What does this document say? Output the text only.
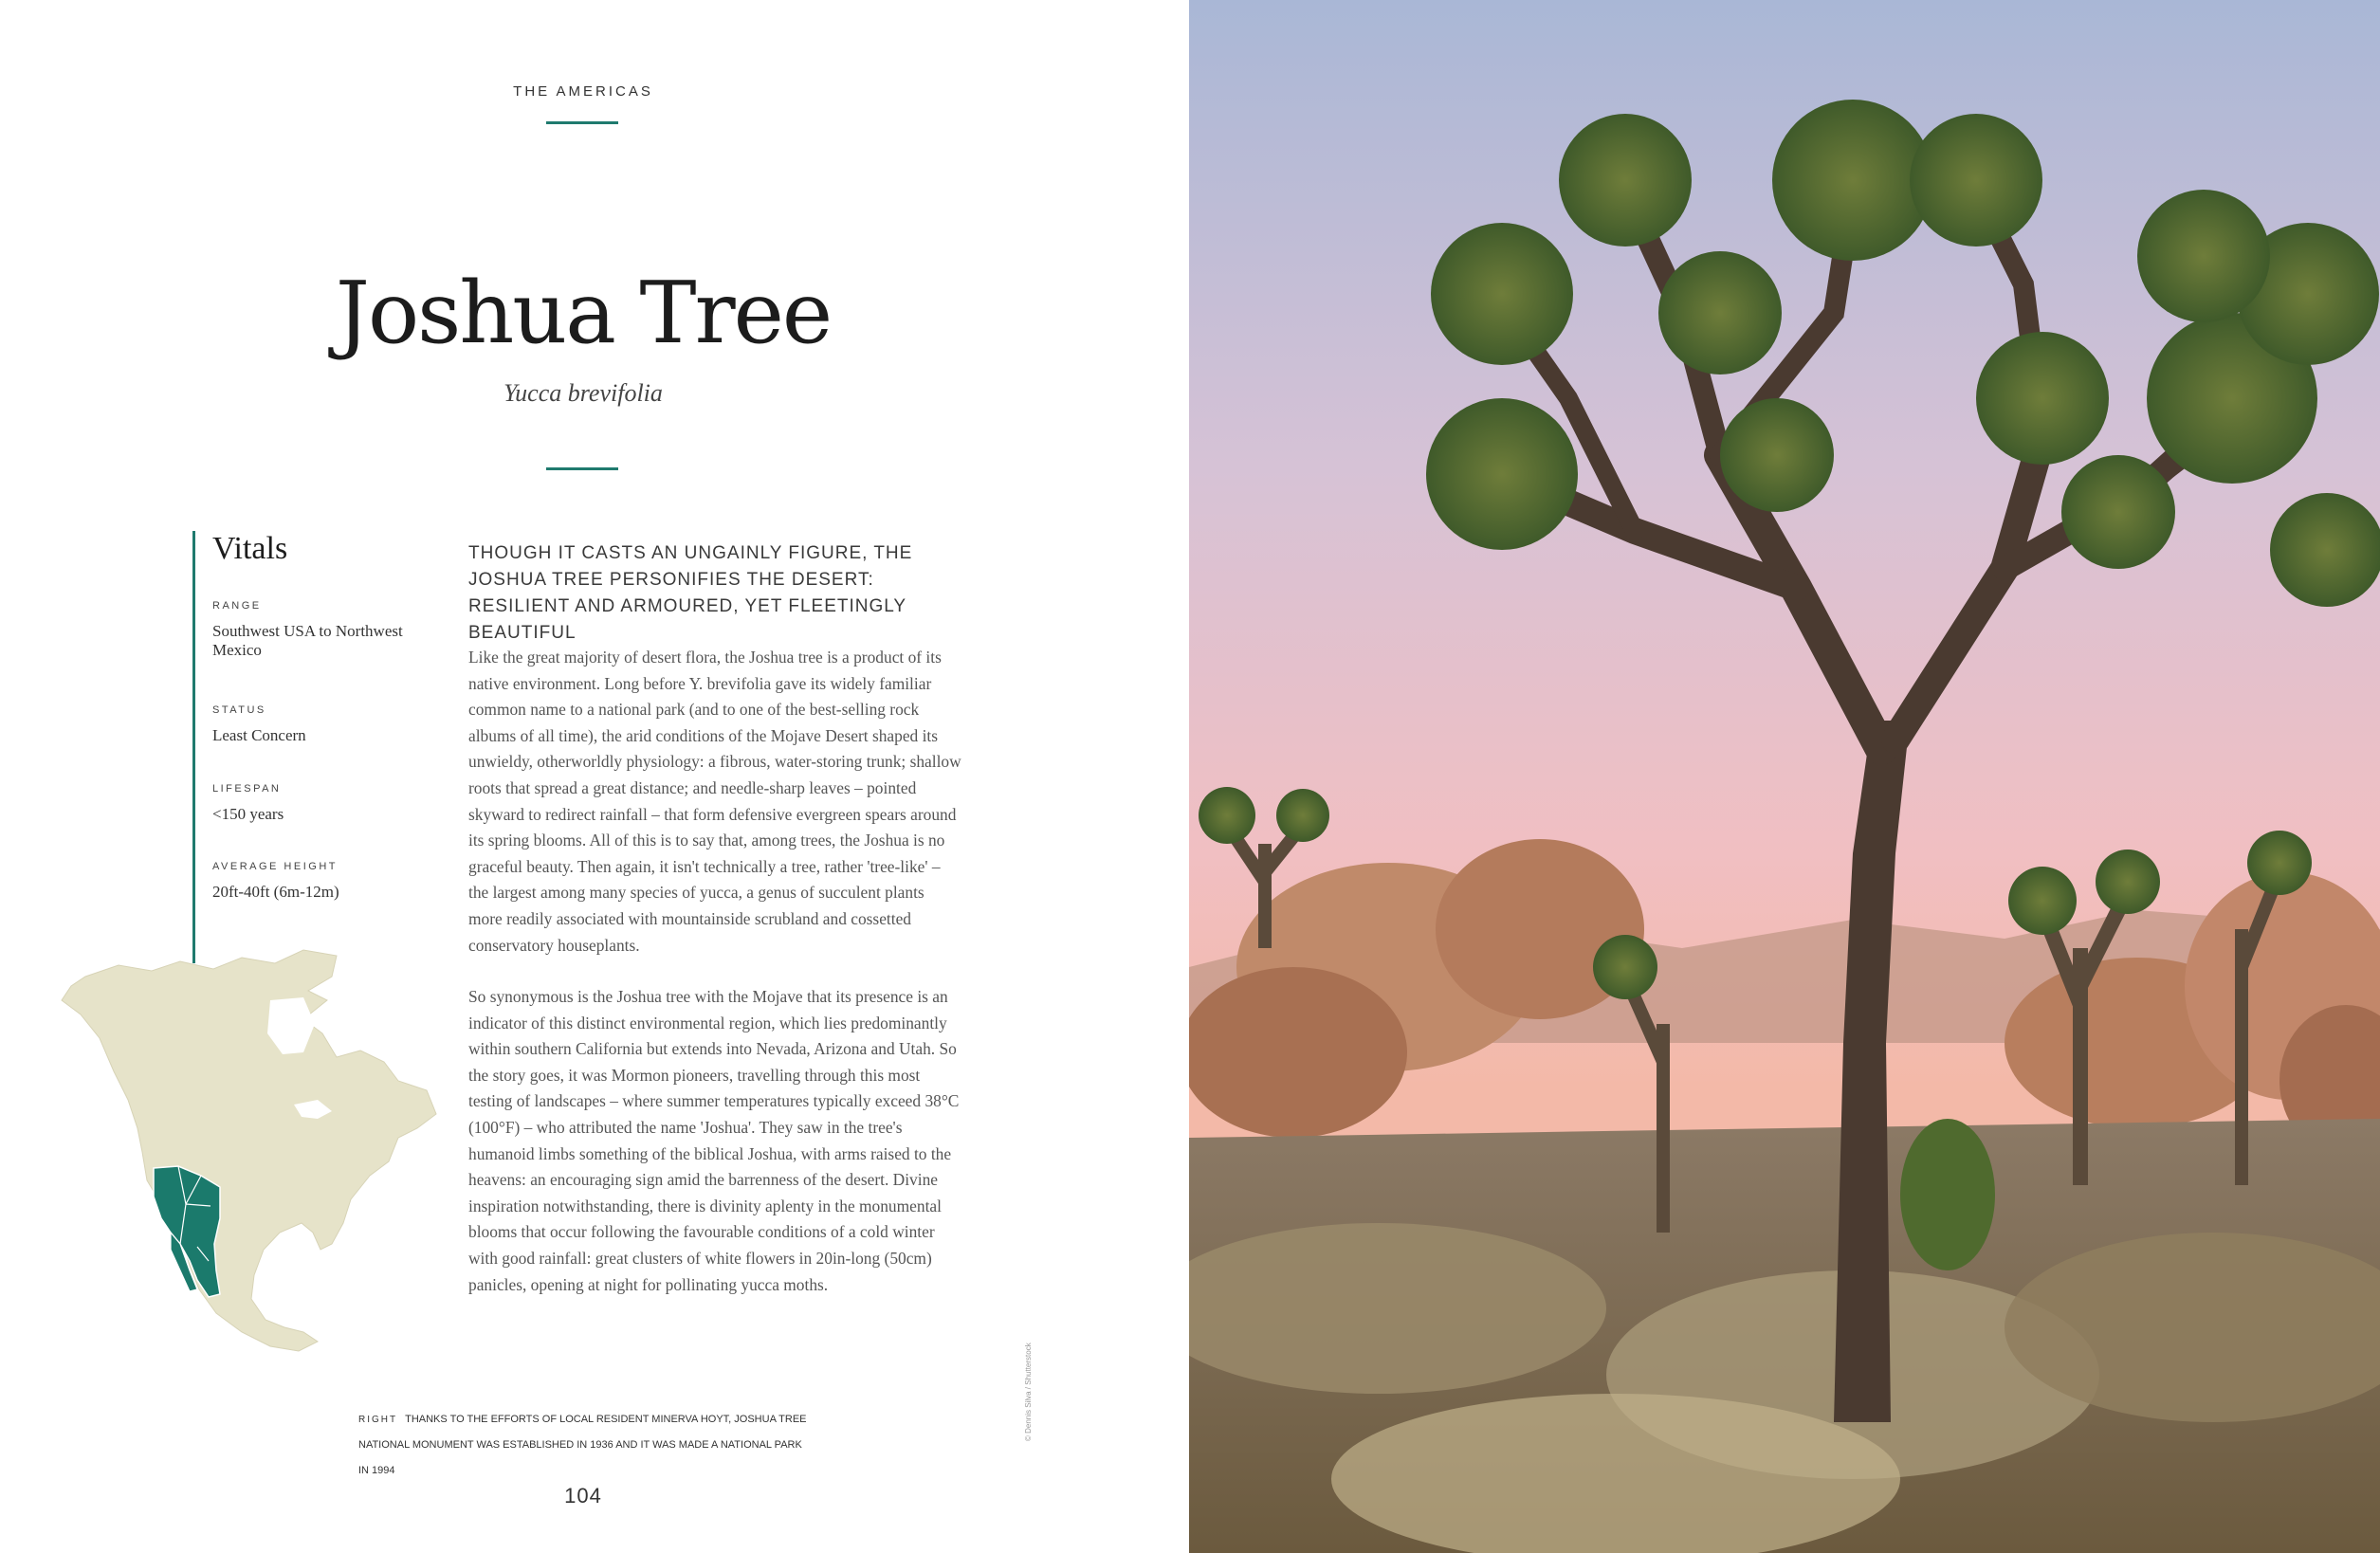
THE AMERICAS
Joshua Tree
Yucca brevifolia
Vitals
RANGE
Southwest USA to Northwest Mexico
STATUS
Least Concern
LIFESPAN
<150 years
AVERAGE HEIGHT
20ft-40ft (6m-12m)

THOUGH IT CASTS AN UNGAINLY FIGURE, THE JOSHUA TREE PERSONIFIES THE DESERT: RESILIENT AND ARMOURED, YET FLEETINGLY BEAUTIFUL

Like the great majority of desert flora, the Joshua tree is a product of its native environment. Long before Y. brevifolia gave its widely familiar common name to a national park (and to one of the best-selling rock albums of all time), the arid conditions of the Mojave Desert shaped its unwieldy, otherworldly physiology: a fibrous, water-storing trunk; shallow roots that spread a great distance; and needle-sharp leaves – pointed skyward to redirect rainfall – that form defensive evergreen spears around its spring blooms. All of this is to say that, among trees, the Joshua is no graceful beauty. Then again, it isn't technically a tree, rather 'tree-like' – the largest among many species of yucca, a genus of succulent plants more readily associated with mountainside scrubland and cossetted conservatory houseplants.

So synonymous is the Joshua tree with the Mojave that its presence is an indicator of this distinct environmental region, which lies predominantly within southern California but extends into Nevada, Arizona and Utah. So the story goes, it was Mormon pioneers, travelling through this most testing of landscapes – where summer temperatures typically exceed 38°C (100°F) – who attributed the name 'Joshua'. They saw in the tree's humanoid limbs something of the biblical Joshua, with arms raised to the heavens: an encouraging sign amid the barrenness of the desert. Divine inspiration notwithstanding, there is divinity aplenty in the monumental blooms that occur following the favourable conditions of a cold winter with good rainfall: great clusters of white flowers in 20in-long (50cm) panicles, opening at night for pollinating yucca moths.

RIGHT THANKS TO THE EFFORTS OF LOCAL RESIDENT MINERVA HOYT, JOSHUA TREE NATIONAL MONUMENT WAS ESTABLISHED IN 1936 AND IT WAS MADE A NATIONAL PARK IN 1994
104
© Dennis Silva / Shutterstock
